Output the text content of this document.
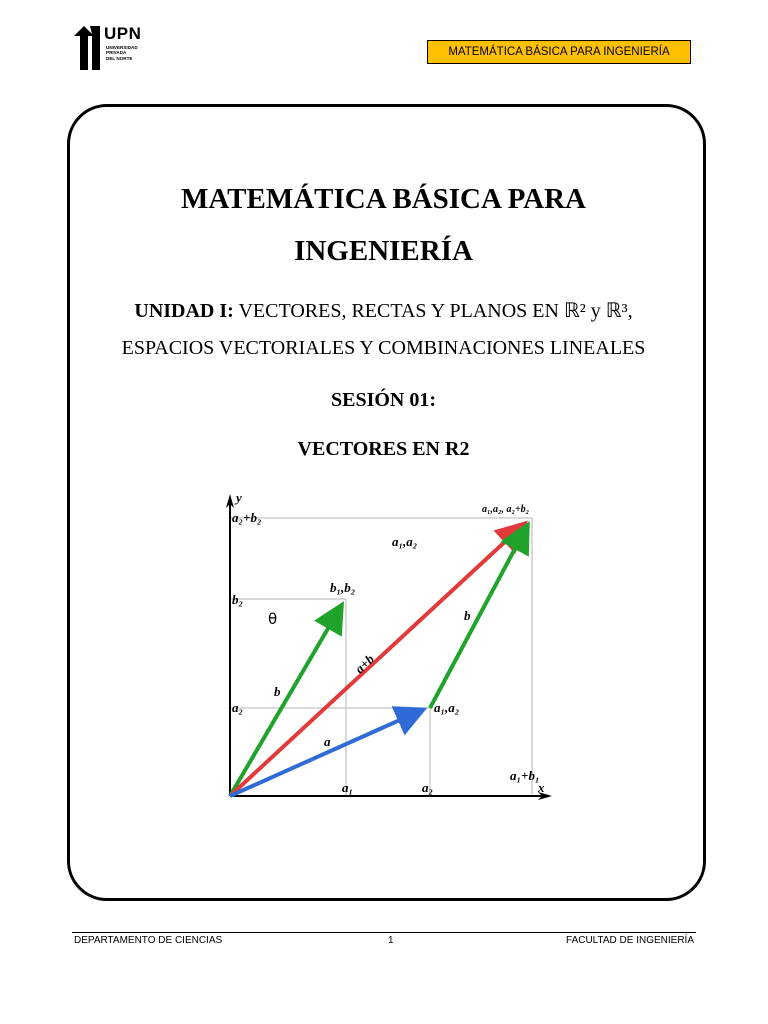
UPN
UNIVERSIDAD
PRIVADA
DEL NORTE
MATEMÁTICA BÁSICA PARA INGENIERÍA
MATEMÁTICA BÁSICA PARA
INGENIERÍA
UNIDAD I: VECTORES, RECTAS Y PLANOS EN ℝ² y ℝ³,
ESPACIOS VECTORIALES Y COMBINACIONES LINEALES
SESIÓN 01:
VECTORES EN R2
y
x
a₂+b₂
b₂
a₂
a₁	a₂
a₁+b₁
a₁,a₂, a₂+b₂
b₁,b₂
a₁,a₂
a₁,a₂
a
b
b
a+b
θ
DEPARTAMENTO DE CIENCIAS	1	FACULTAD DE INGENIERÍA
